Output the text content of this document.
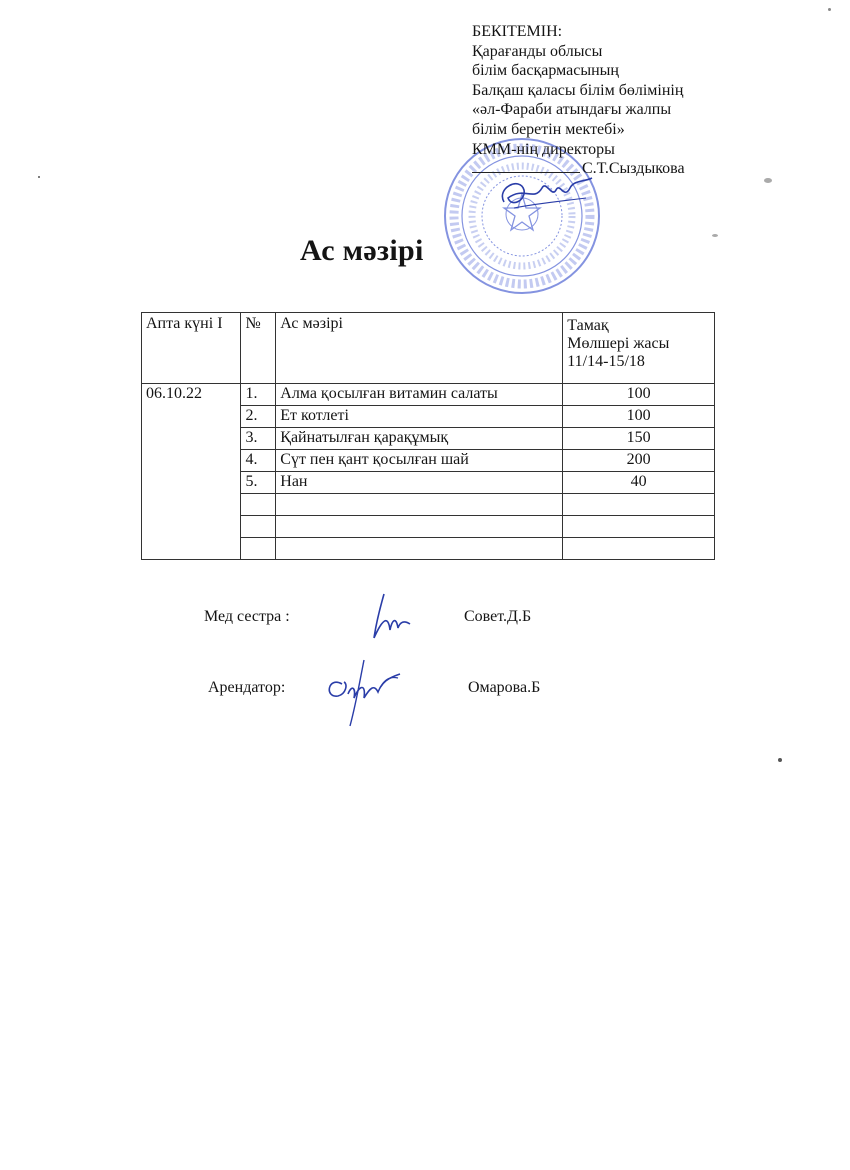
БЕКІТЕМІН:
Қарағанды облысы
білім басқармасының
Балқаш қаласы білім бөлімінің
«әл-Фараби атындағы жалпы
білім беретін мектебі»
КММ-нің директоры
С.Т.Сыздыкова
Ас мәзірі
Апта күні І	№	Ас мәзірі	Тамақ
Мөлшері жасы
11/14-15/18

06.10.22	1.	Алма қосылған витамин салаты	100
	2.	Ет котлеті	100
	3.	Қайнатылған қарақұмық	150
	4.	Сүт пен қант қосылған шай	200
	5.	Нан	40

Мед сестра :	Совет.Д.Б
Арендатор:	Омарова.Б
